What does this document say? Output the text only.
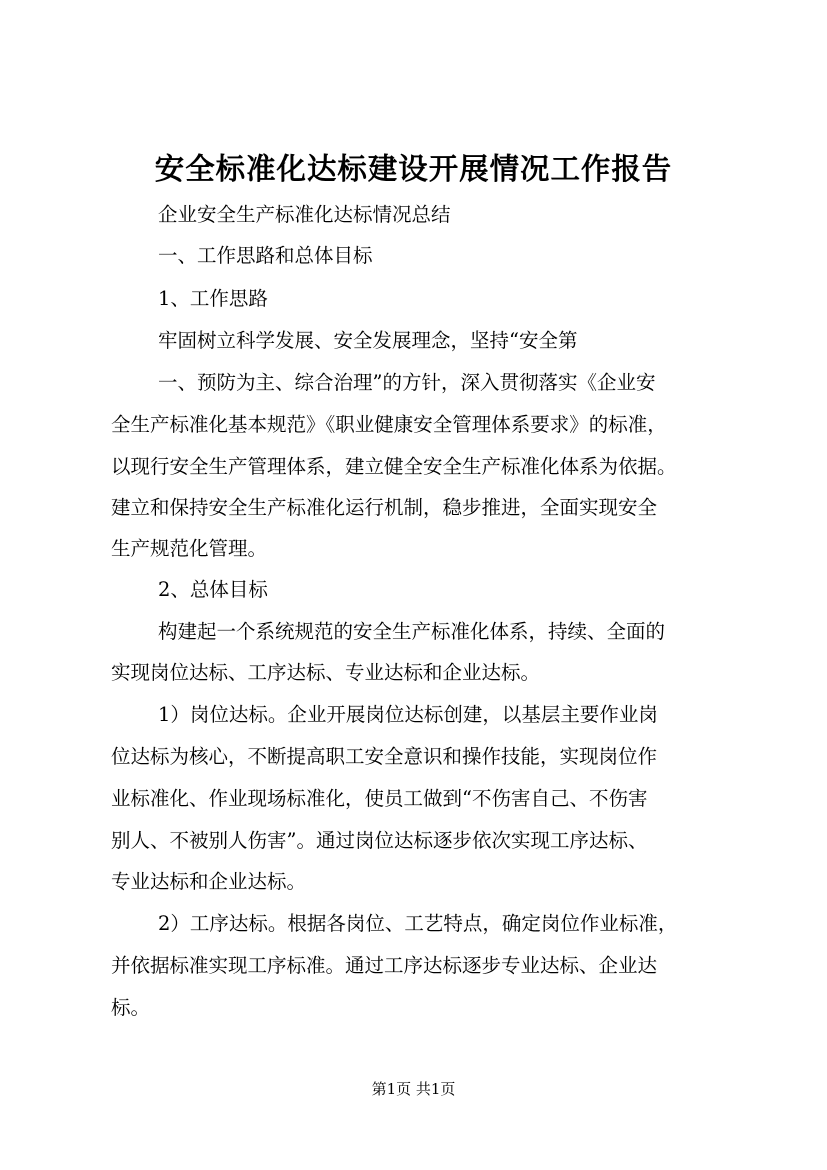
安全标准化达标建设开展情况工作报告
企业安全生产标准化达标情况总结
一、工作思路和总体目标
1、工作思路
牢固树立科学发展、安全发展理念，坚持“安全第
一、预防为主、综合治理”的方针，深入贯彻落实《企业安
全生产标准化基本规范》《职业健康安全管理体系要求》的标准，
以现行安全生产管理体系，建立健全安全生产标准化体系为依据。
建立和保持安全生产标准化运行机制，稳步推进，全面实现安全
生产规范化管理。
2、总体目标
构建起一个系统规范的安全生产标准化体系，持续、全面的
实现岗位达标、工序达标、专业达标和企业达标。
1）岗位达标。企业开展岗位达标创建，以基层主要作业岗
位达标为核心，不断提高职工安全意识和操作技能，实现岗位作
业标准化、作业现场标准化，使员工做到“不伤害自己、不伤害
别人、不被别人伤害”。通过岗位达标逐步依次实现工序达标、
专业达标和企业达标。
2）工序达标。根据各岗位、工艺特点，确定岗位作业标准，
并依据标准实现工序标准。通过工序达标逐步专业达标、企业达
标。
第1页 共1页
